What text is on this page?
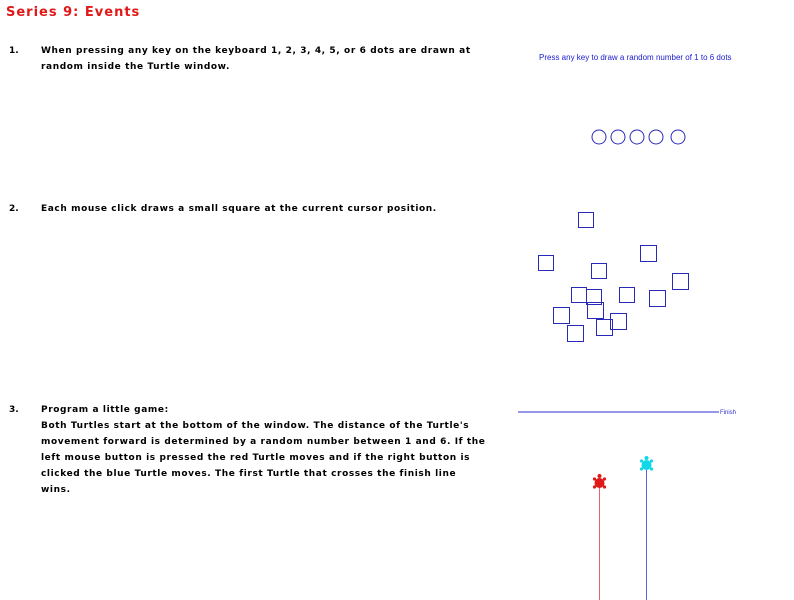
Series 9: Events
1. When pressing any key on the keyboard 1, 2, 3, 4, 5, or 6 dots are drawn at
random inside the Turtle window.
Press any key to draw a random number of 1 to 6 dots
2. Each mouse click draws a small square at the current cursor position.
3. Program a little game:
Both Turtles start at the bottom of the window. The distance of the Turtle's
movement forward is determined by a random number between 1 and 6. If the
left mouse button is pressed the red Turtle moves and if the right button is
clicked the blue Turtle moves. The first Turtle that crosses the finish line
wins.
Finish
